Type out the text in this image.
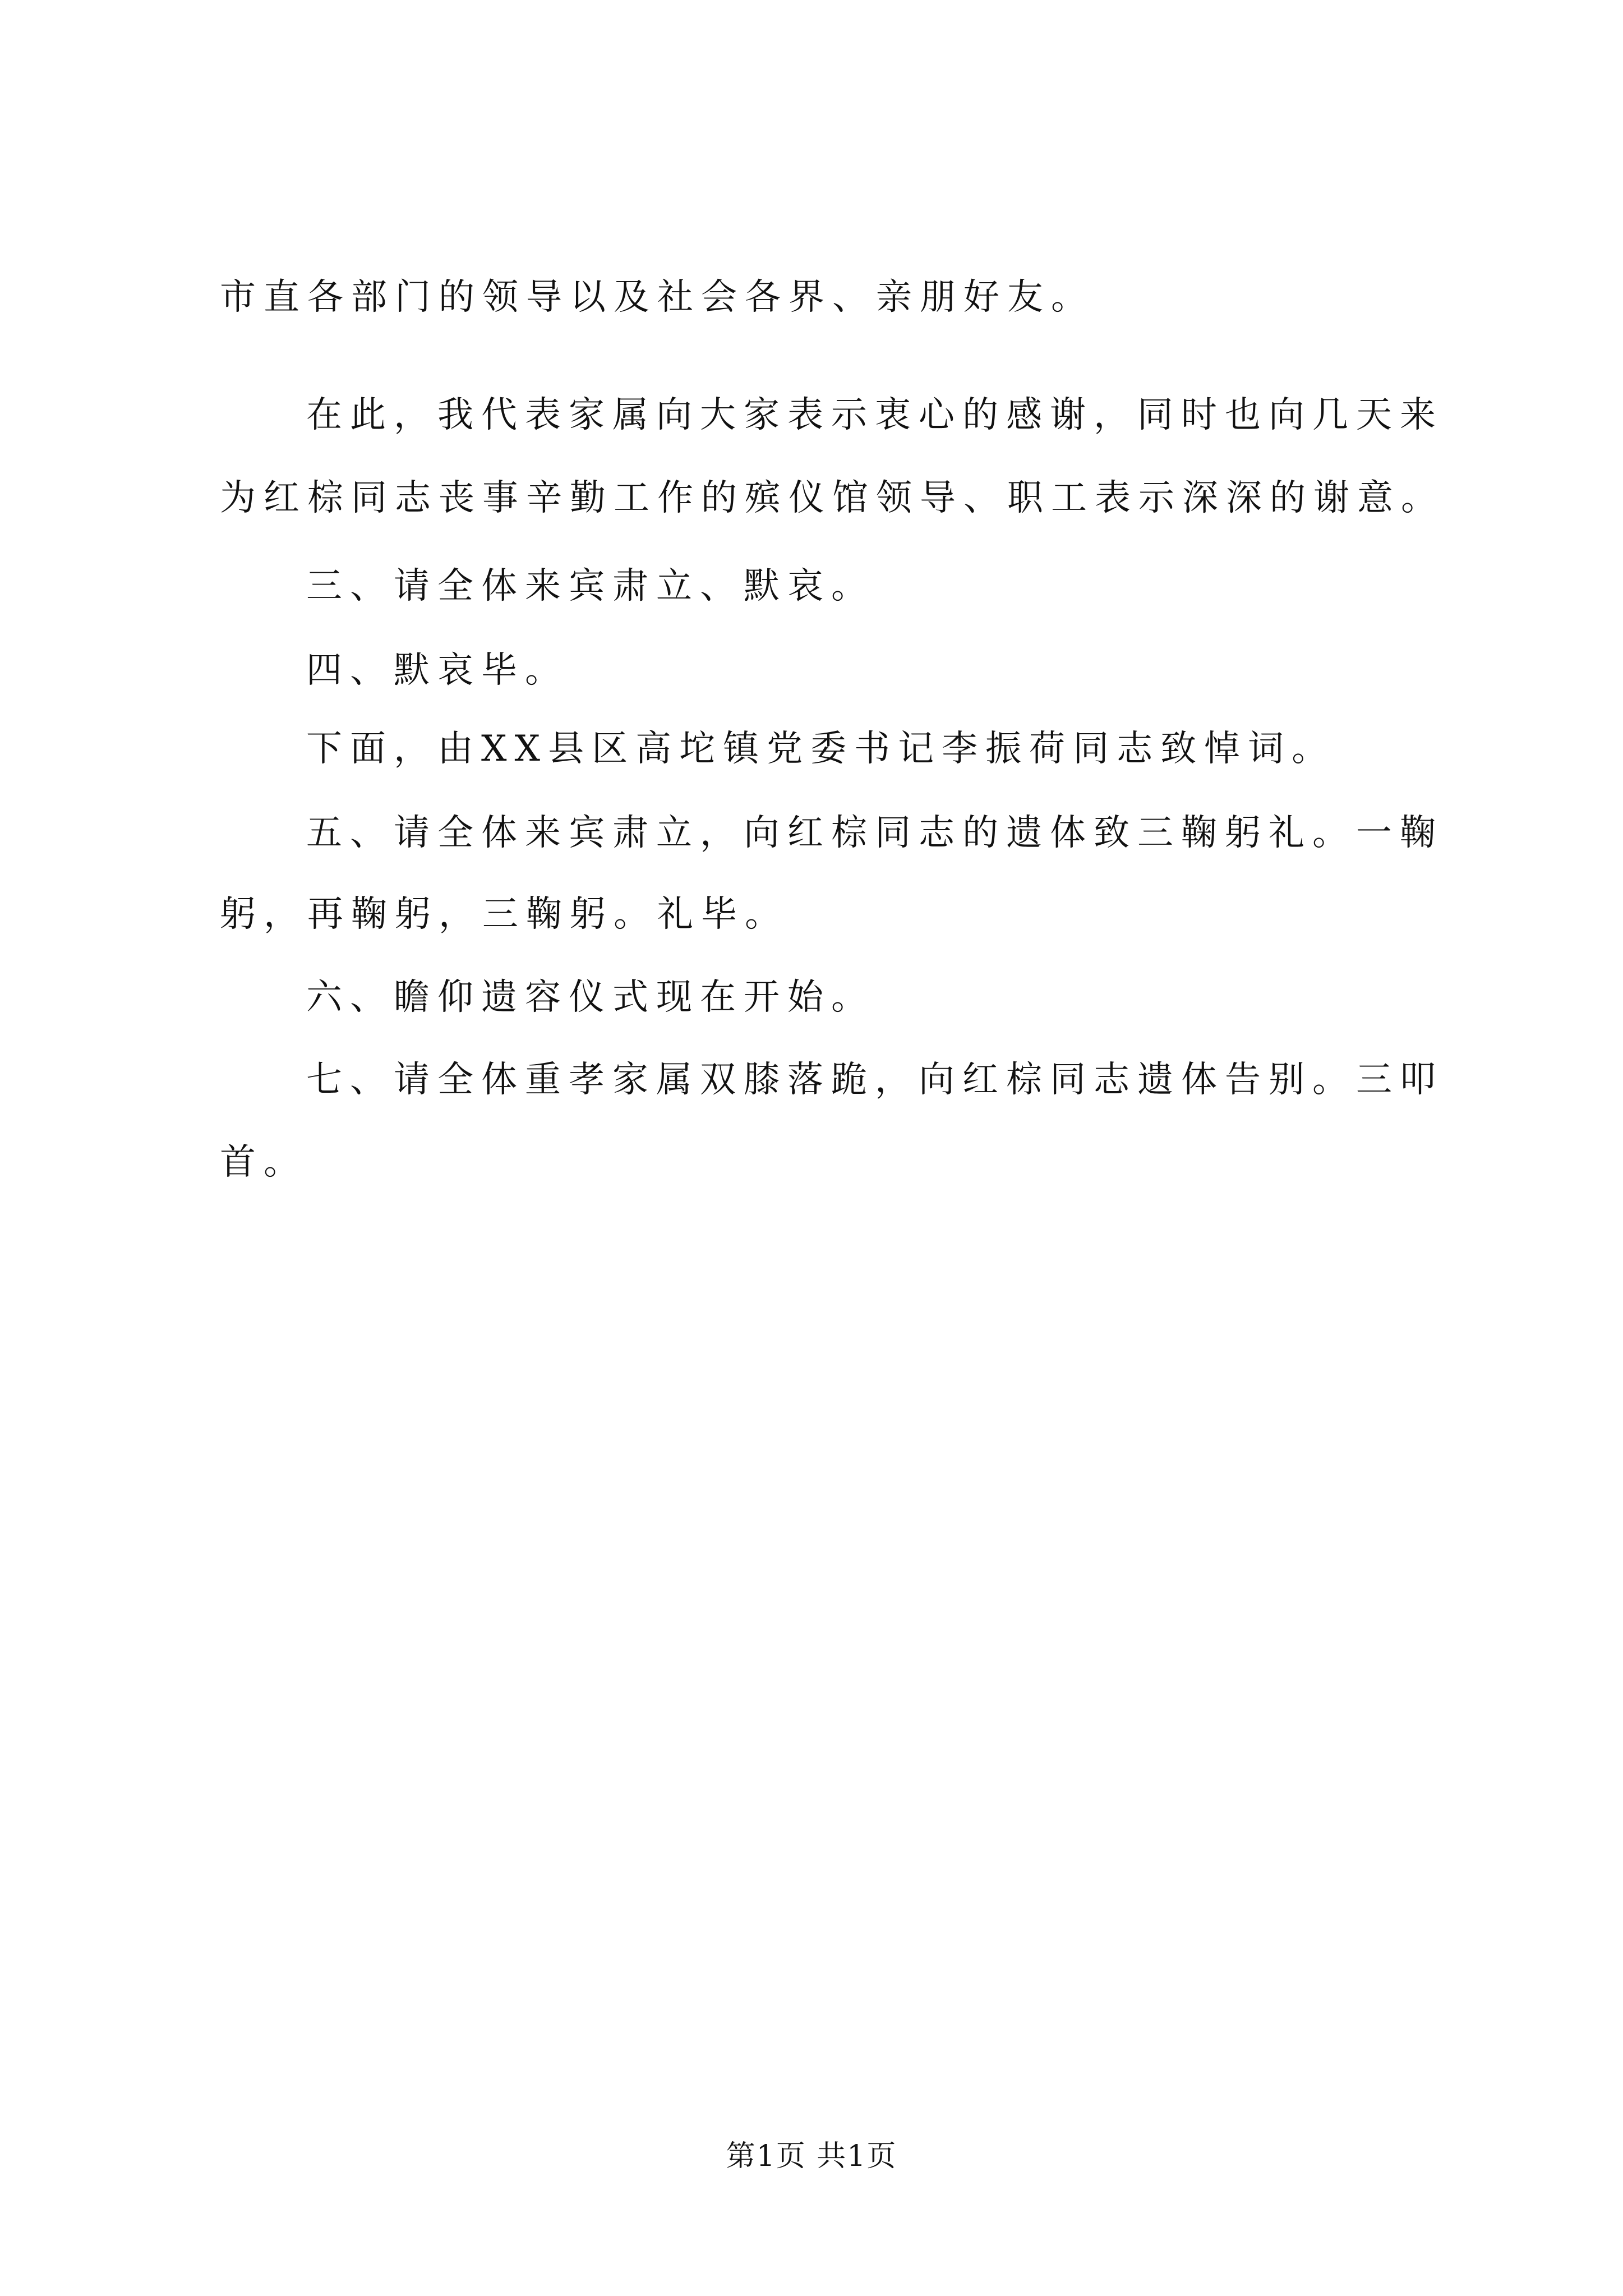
市直各部门的领导以及社会各界、亲朋好友。
在此，我代表家属向大家表示衷心的感谢，同时也向几天来
为红棕同志丧事辛勤工作的殡仪馆领导、职工表示深深的谢意。
三、请全体来宾肃立、默哀。
四、默哀毕。
下面，由XX县区高坨镇党委书记李振荷同志致悼词。
五、请全体来宾肃立，向红棕同志的遗体致三鞠躬礼。一鞠
躬，再鞠躬，三鞠躬。礼毕。
六、瞻仰遗容仪式现在开始。
七、请全体重孝家属双膝落跪，向红棕同志遗体告别。三叩
首。
第1页 共1页
